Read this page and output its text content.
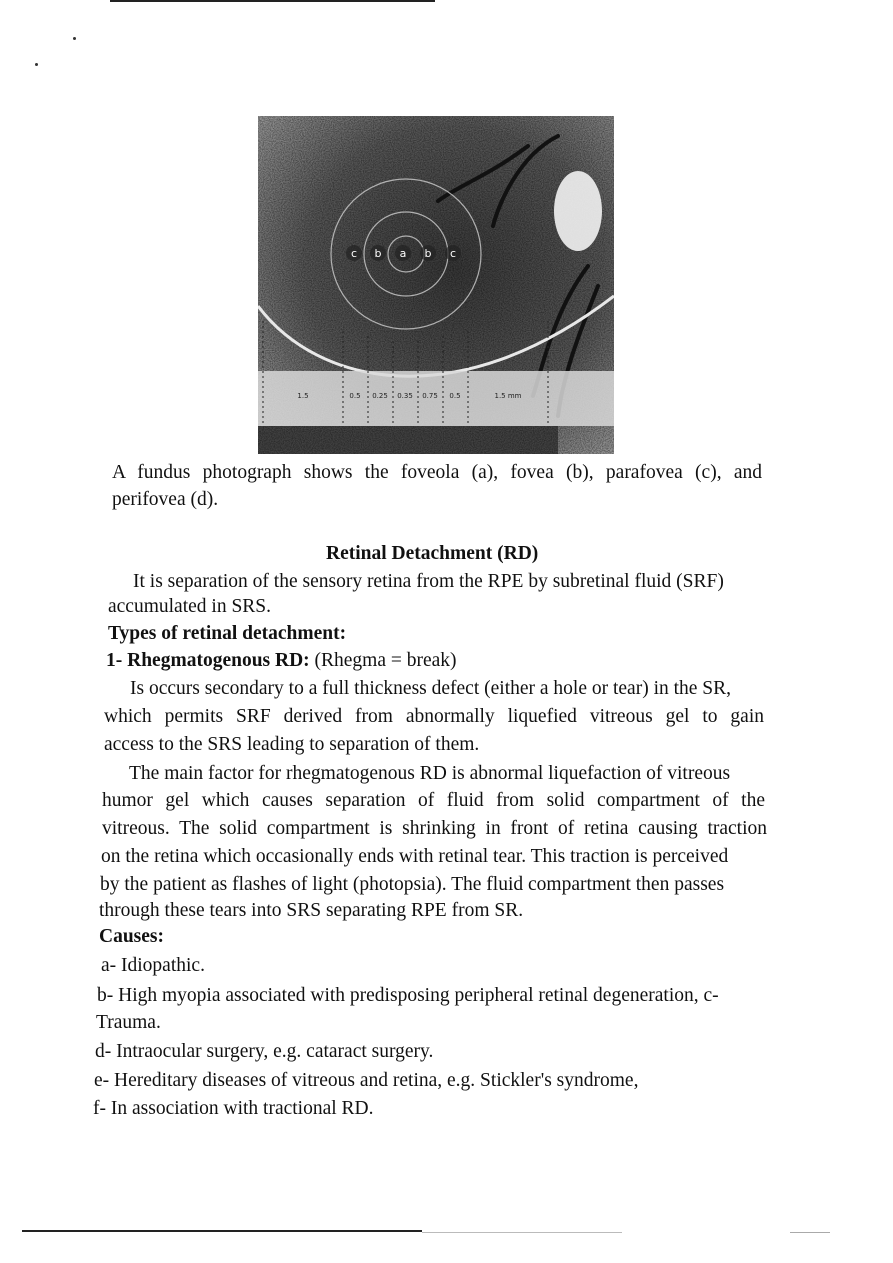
c b a b c
1.5	0.5 0.25 0.35 0.75 0.5	1.5 mm
A fundus photograph shows the foveola (a), fovea (b), parafovea (c), and
perifovea (d).
Retinal Detachment (RD)
It is separation of the sensory retina from the RPE by subretinal fluid (SRF)
accumulated in SRS.
Types of retinal detachment:
1- Rhegmatogenous RD: (Rhegma = break)
Is occurs secondary to a full thickness defect (either a hole or tear) in the SR,
which permits SRF derived from abnormally liquefied vitreous gel to gain
access to the SRS leading to separation of them.
The main factor for rhegmatogenous RD is abnormal liquefaction of vitreous
humor gel which causes separation of fluid from solid compartment of the
vitreous. The solid compartment is shrinking in front of retina causing traction
on the retina which occasionally ends with retinal tear. This traction is perceived
by the patient as flashes of light (photopsia). The fluid compartment then passes
through these tears into SRS separating RPE from SR.
Causes:
a- Idiopathic.
b- High myopia associated with predisposing peripheral retinal degeneration, c-
Trauma.
d- Intraocular surgery, e.g. cataract surgery.
e- Hereditary diseases of vitreous and retina, e.g. Stickler's syndrome,
f- In association with tractional RD.
